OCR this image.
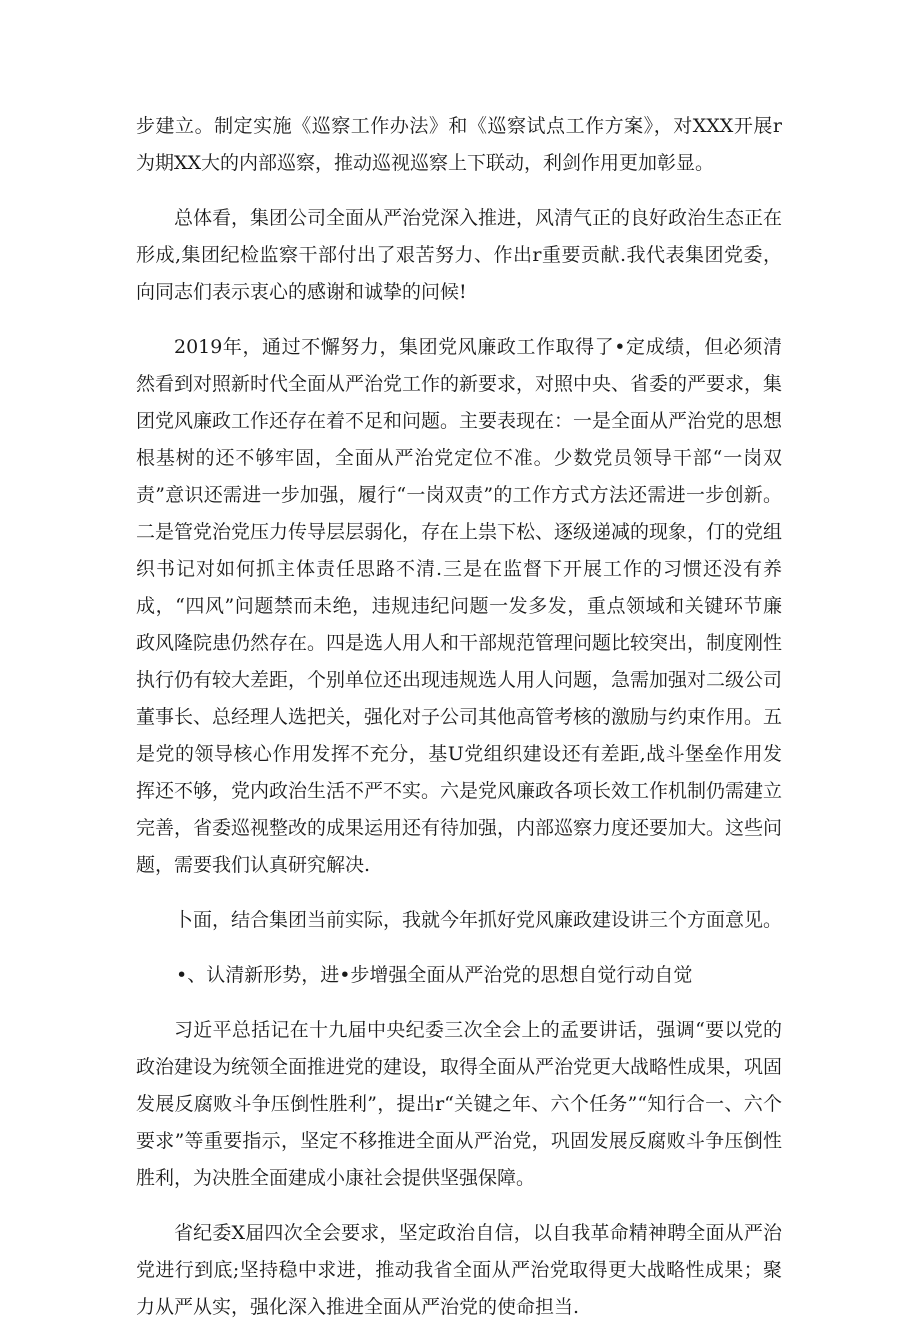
步建立。制定实施《巡察工作办法》和《巡察试点工作方案》，对XXX开展r为期XX大的内部巡察，推动巡视巡察上下联动，利剑作用更加彰显。

总体看，集团公司全面从严治党深入推进，风清气正的良好政治生态正在形成,集团纪检监察干部付出了艰苦努力、作出r重要贡献.我代表集团党委，向同志们表示衷心的感谢和诚挚的问候!

2019年，通过不懈努力，集团党风廉政工作取得了•定成绩，但必须清然看到对照新时代全面从严治党工作的新要求，对照中央、省委的严要求，集团党风廉政工作还存在着不足和问题。主要表现在：一是全面从严治党的思想根基树的还不够牢固，全面从严治党定位不准。少数党员领导干部“一岗双责”意识还需进一步加强，履行“一岗双责”的工作方式方法还需进一步创新。二是管党治党压力传导层层弱化，存在上祟下松、逐级递减的现象，仃的党组织书记对如何抓主体责任思路不清.三是在监督下开展工作的习惯还没有养成，“四风”问题禁而未绝，违规违纪问题一发多发，重点领域和关键环节廉政风隆院患仍然存在。四是选人用人和干部规范管理问题比较突出，制度刚性执行仍有较大差距，个别单位还出现违规选人用人问题，急需加强对二级公司董事长、总经理人选把关，强化对子公司其他高管考核的激励与约束作用。五是党的领导核心作用发挥不充分，基U党组织建设还有差距,战斗堡垒作用发挥还不够，党内政治生活不严不实。六是党风廉政各项长效工作机制仍需建立完善，省委巡视整改的成果运用还有待加强，内部巡察力度还要加大。这些问题，需要我们认真研究解决.

卜面，结合集团当前实际，我就今年抓好党风廉政建设讲三个方面意见。

•、认清新形势，进•步增强全面从严治党的思想自觉行动自觉

习近平总括记在十九届中央纪委三次全会上的孟要讲话，强调“要以党的政治建设为统领全面推进党的建设，取得全面从严治党更大战略性成果，巩固发展反腐败斗争压倒性胜利”，提出r“关键之年、六个任务”“知行合一、六个要求”等重要指示，坚定不移推进全面从严治党，巩固发展反腐败斗争压倒性胜利，为决胜全面建成小康社会提供坚强保障。

省纪委X届四次全会要求，坚定政治自信，以自我革命精神聘全面从严治党进行到底;坚持稳中求进，推动我省全面从严治党取得更大战略性成果；聚力从严从实，强化深入推进全面从严治党的使命担当.
